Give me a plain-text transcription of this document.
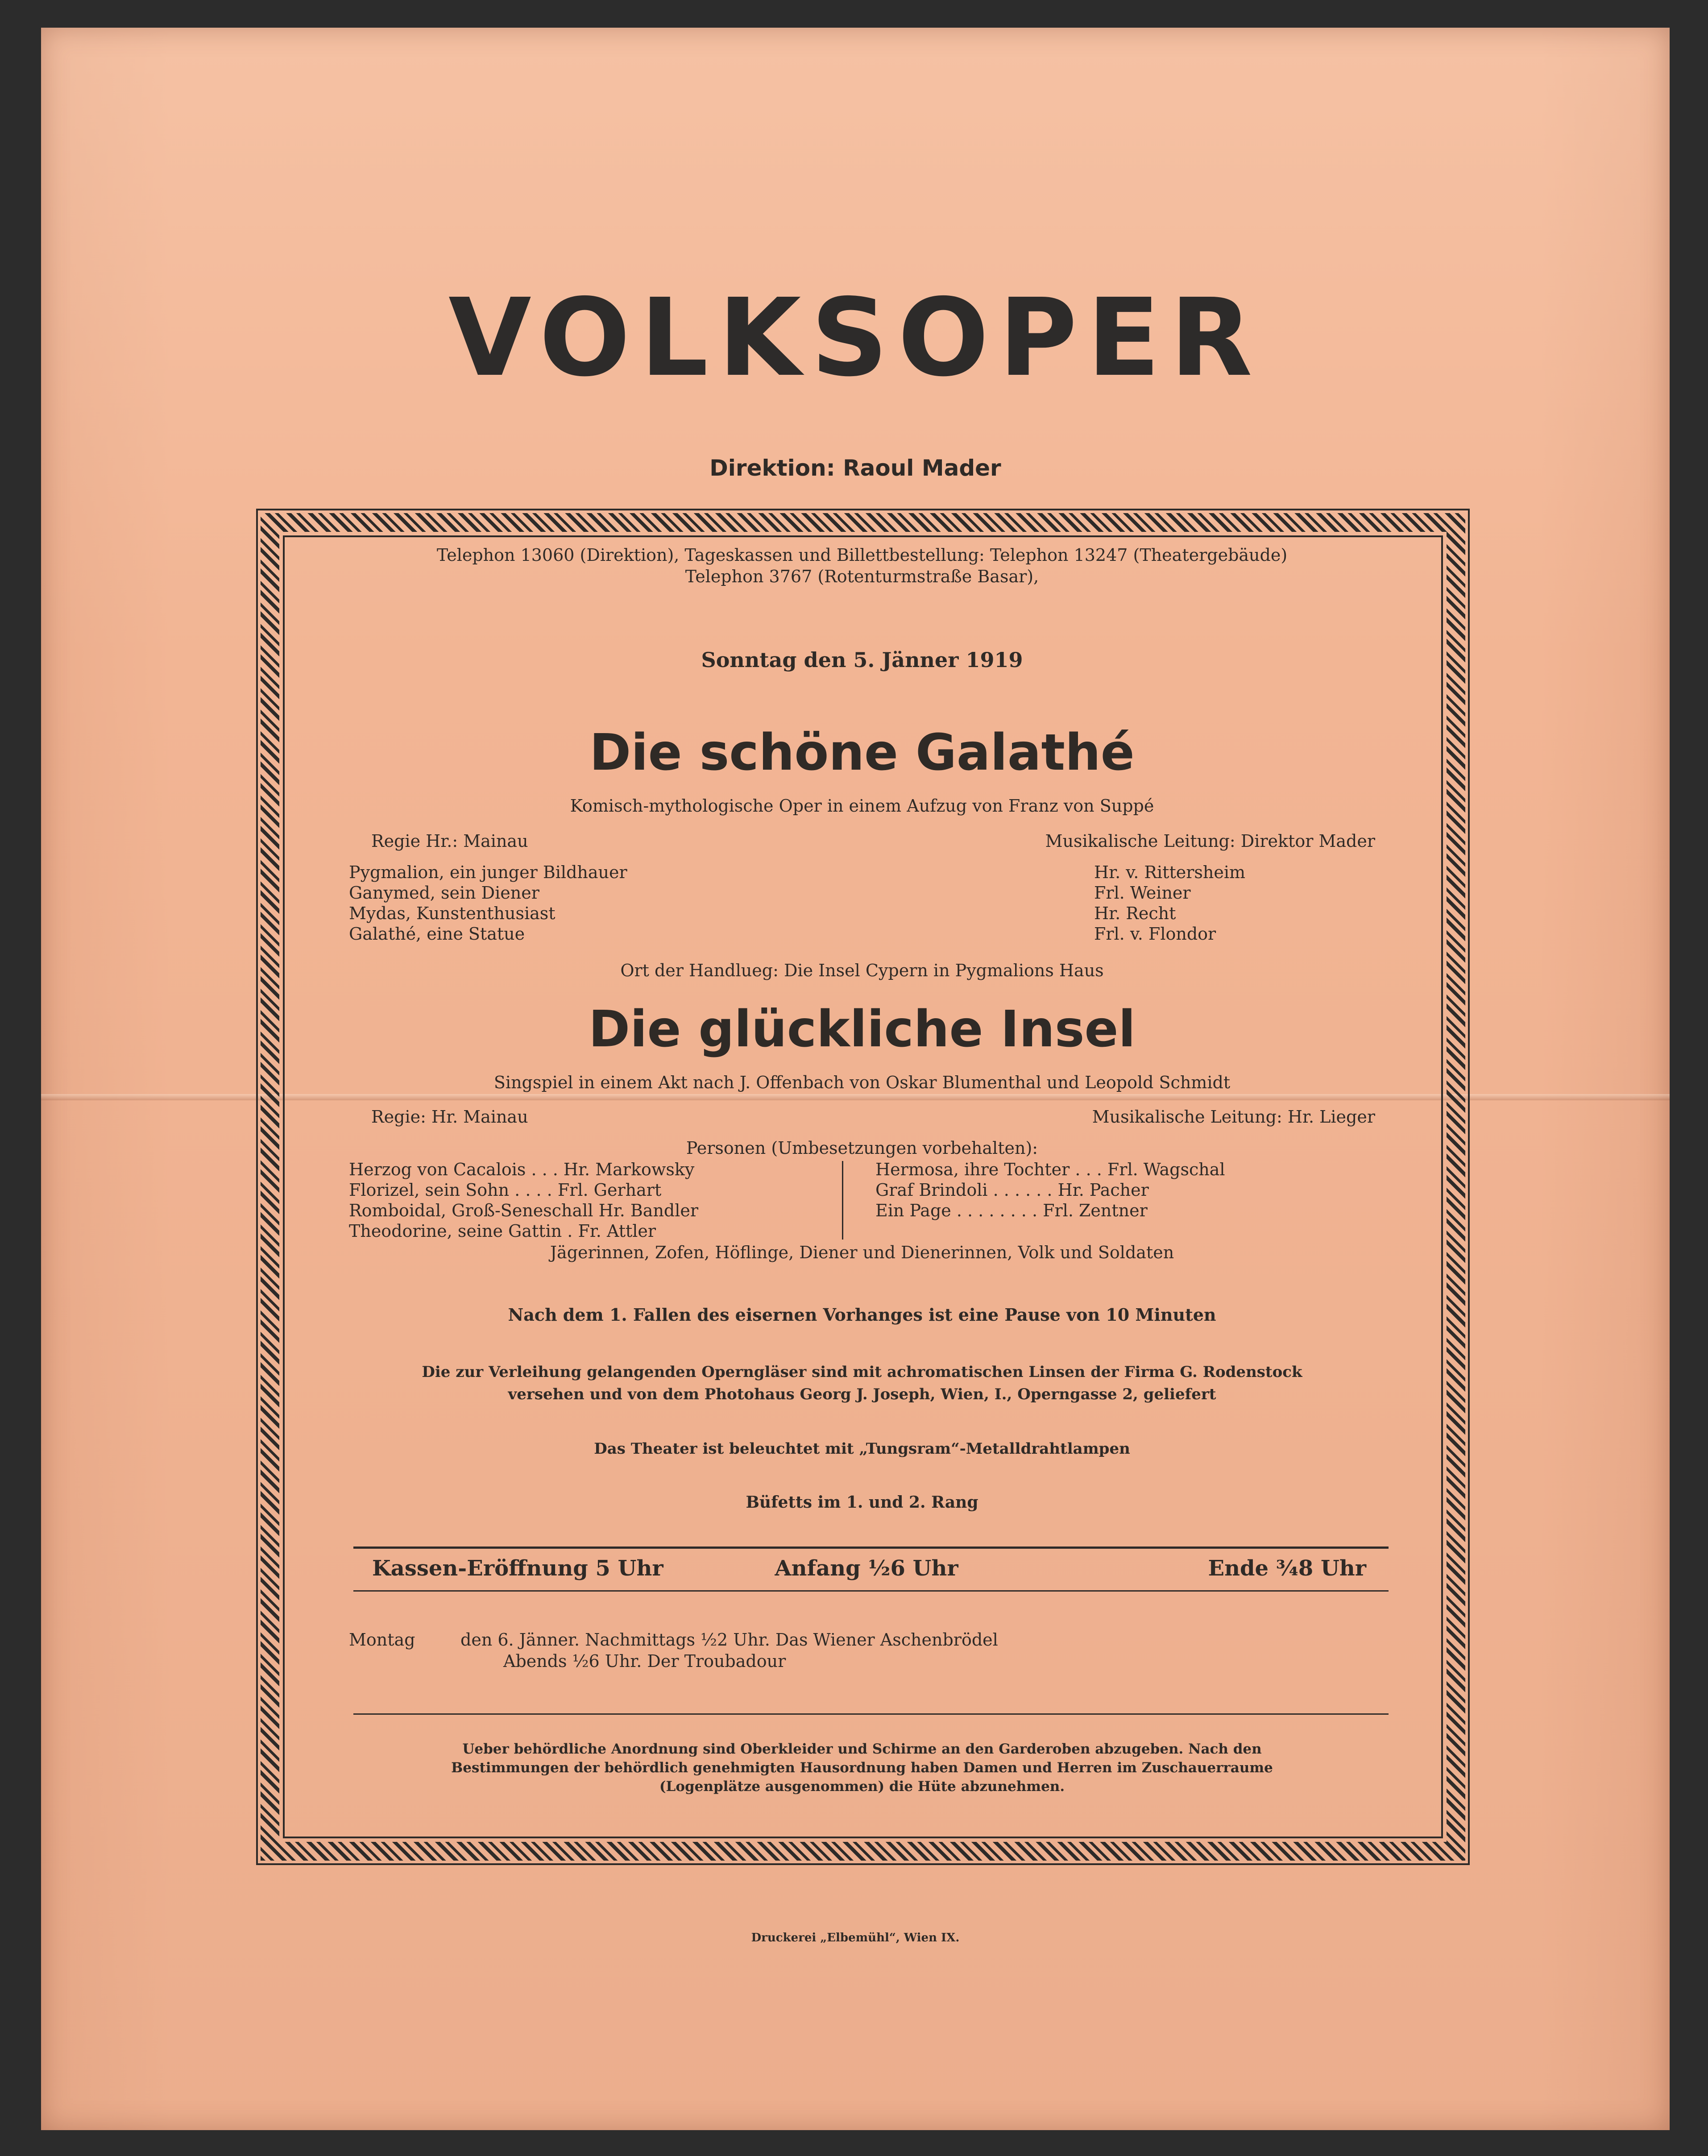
VOLKSOPER
Direktion: Raoul Mader
Telephon 13060 (Direktion), Tageskassen und Billettbestellung: Telephon 13247 (Theatergebäude)
Telephon 3767 (Rotenturmstraße Basar),
Sonntag den 5. Jänner 1919
Die schöne Galathé
Komisch-mythologische Oper in einem Aufzug von Franz von Suppé
Regie Hr.: Mainau	Musikalische Leitung: Direktor Mader
Pygmalion, ein junger Bildhauer	Hr. v. Rittersheim
Ganymed, sein Diener	Frl. Weiner
Mydas, Kunstenthusiast	Hr. Recht
Galathé, eine Statue	Frl. v. Flondor
Ort der Handlueg: Die Insel Cypern in Pygmalions Haus
Die glückliche Insel
Singspiel in einem Akt nach J. Offenbach von Oskar Blumenthal und Leopold Schmidt
Regie: Hr. Mainau	Musikalische Leitung: Hr. Lieger
Personen (Umbesetzungen vorbehalten):
Herzog von Cacalois . . . Hr. Markowsky
Florizel, sein Sohn . . . . Frl. Gerhart
Romboidal, Groß-Seneschall Hr. Bandler
Theodorine, seine Gattin . Fr. Attler
Hermosa, ihre Tochter . . . Frl. Wagschal
Graf Brindoli . . . . . . Hr. Pacher
Ein Page . . . . . . . . Frl. Zentner
Jägerinnen, Zofen, Höflinge, Diener und Dienerinnen, Volk und Soldaten
Nach dem 1. Fallen des eisernen Vorhanges ist eine Pause von 10 Minuten
Die zur Verleihung gelangenden Operngläser sind mit achromatischen Linsen der Firma G. Rodenstock
versehen und von dem Photohaus Georg J. Joseph, Wien, I., Operngasse 2, geliefert
Das Theater ist beleuchtet mit „Tungsram“-Metalldrahtlampen
Büfetts im 1. und 2. Rang
Kassen-Eröffnung 5 Uhr	Anfang ½6 Uhr	Ende ¾8 Uhr
Montag	den 6. Jänner. Nachmittags ½2 Uhr. Das Wiener Aschenbrödel
Abends ½6 Uhr. Der Troubadour
Ueber behördliche Anordnung sind Oberkleider und Schirme an den Garderoben abzugeben. Nach den
Bestimmungen der behördlich genehmigten Hausordnung haben Damen und Herren im Zuschauerraume
(Logenplätze ausgenommen) die Hüte abzunehmen.
Druckerei „Elbemühl“, Wien IX.
